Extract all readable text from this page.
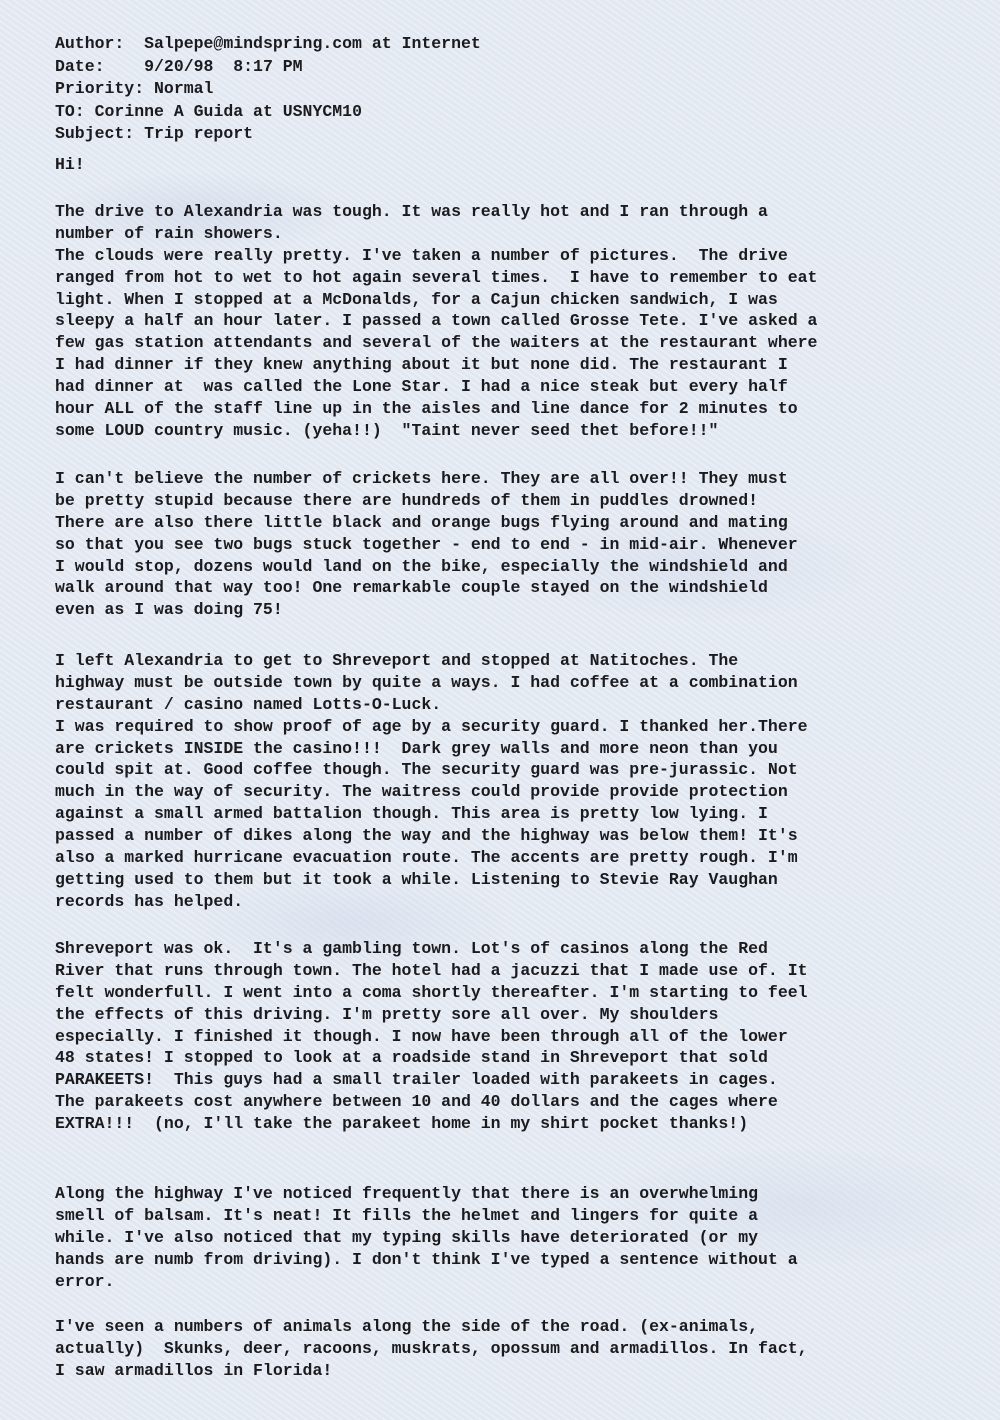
Author: Salpepe@mindspring.com at Internet
Date: 9/20/98  8:17 PM
Priority: Normal
TO: Corinne A Guida at USNYCM10
Subject: Trip report
Hi!
The drive to Alexandria was tough. It was really hot and I ran through a
number of rain showers.
The clouds were really pretty. I've taken a number of pictures.  The drive
ranged from hot to wet to hot again several times.  I have to remember to eat
light. When I stopped at a McDonalds, for a Cajun chicken sandwich, I was
sleepy a half an hour later. I passed a town called Grosse Tete. I've asked a
few gas station attendants and several of the waiters at the restaurant where
I had dinner if they knew anything about it but none did. The restaurant I
had dinner at  was called the Lone Star. I had a nice steak but every half
hour ALL of the staff line up in the aisles and line dance for 2 minutes to
some LOUD country music. (yeha!!)  "Taint never seed thet before!!"
I can't believe the number of crickets here. They are all over!! They must
be pretty stupid because there are hundreds of them in puddles drowned!
There are also there little black and orange bugs flying around and mating
so that you see two bugs stuck together - end to end - in mid-air. Whenever
I would stop, dozens would land on the bike, especially the windshield and
walk around that way too! One remarkable couple stayed on the windshield
even as I was doing 75!
I left Alexandria to get to Shreveport and stopped at Natitoches. The
highway must be outside town by quite a ways. I had coffee at a combination
restaurant / casino named Lotts-O-Luck.
I was required to show proof of age by a security guard. I thanked her.There
are crickets INSIDE the casino!!!  Dark grey walls and more neon than you
could spit at. Good coffee though. The security guard was pre-jurassic. Not
much in the way of security. The waitress could provide provide protection
against a small armed battalion though. This area is pretty low lying. I
passed a number of dikes along the way and the highway was below them! It's
also a marked hurricane evacuation route. The accents are pretty rough. I'm
getting used to them but it took a while. Listening to Stevie Ray Vaughan
records has helped.
Shreveport was ok.  It's a gambling town. Lot's of casinos along the Red
River that runs through town. The hotel had a jacuzzi that I made use of. It
felt wonderfull. I went into a coma shortly thereafter. I'm starting to feel
the effects of this driving. I'm pretty sore all over. My shoulders
especially. I finished it though. I now have been through all of the lower
48 states! I stopped to look at a roadside stand in Shreveport that sold
PARAKEETS!  This guys had a small trailer loaded with parakeets in cages.
The parakeets cost anywhere between 10 and 40 dollars and the cages where
EXTRA!!!  (no, I'll take the parakeet home in my shirt pocket thanks!)
Along the highway I've noticed frequently that there is an overwhelming
smell of balsam. It's neat! It fills the helmet and lingers for quite a
while. I've also noticed that my typing skills have deteriorated (or my
hands are numb from driving). I don't think I've typed a sentence without a
error.
I've seen a numbers of animals along the side of the road. (ex-animals,
actually)  Skunks, deer, racoons, muskrats, opossum and armadillos. In fact,
I saw armadillos in Florida!
